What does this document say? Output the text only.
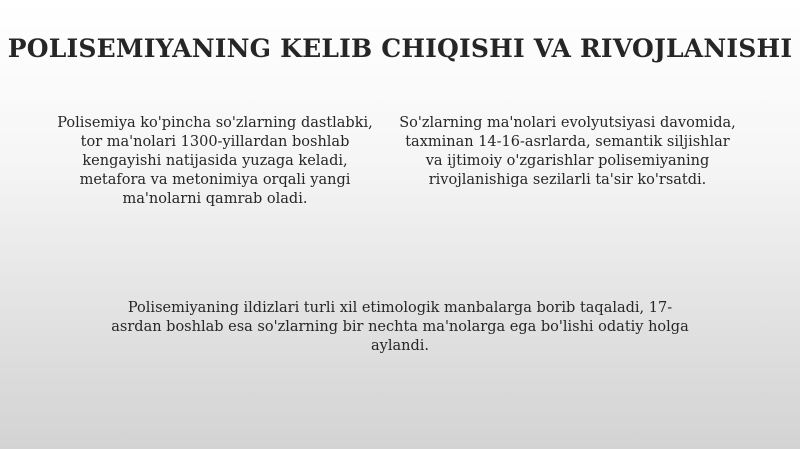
POLISEMIYANING KELIB CHIQISHI VA RIVOJLANISHI

Polisemiya ko'pincha so'zlarning dastlabki, tor ma'nolari 1300-yillardan boshlab kengayishi natijasida yuzaga keladi, metafora va metonimiya orqali yangi ma'nolarni qamrab oladi.

So'zlarning ma'nolari evolyutsiyasi davomida, taxminan 14-16-asrlarda, semantik siljishlar va ijtimoiy o'zgarishlar polisemiyaning rivojlanishiga sezilarli ta'sir ko'rsatdi.

Polisemiyaning ildizlari turli xil etimologik manbalarga borib taqaladi, 17-asrdan boshlab esa so'zlarning bir nechta ma'nolarga ega bo'lishi odatiy holga aylandi.
